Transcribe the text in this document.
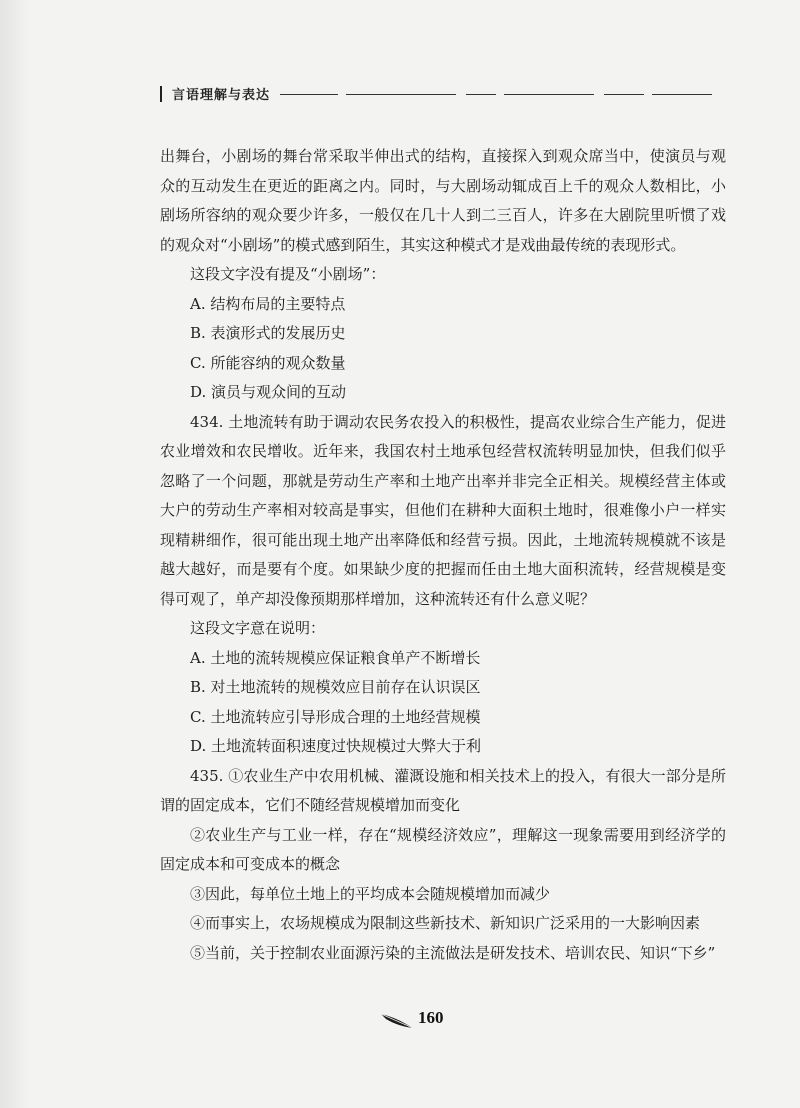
言语理解与表达

出舞台，小剧场的舞台常采取半伸出式的结构，直接探入到观众席当中，使演员与观众的互动发生在更近的距离之内。同时，与大剧场动辄成百上千的观众人数相比，小剧场所容纳的观众要少许多，一般仅在几十人到二三百人，许多在大剧院里听惯了戏的观众对“小剧场”的模式感到陌生，其实这种模式才是戏曲最传统的表现形式。

这段文字没有提及“小剧场”：

A. 结构布局的主要特点

B. 表演形式的发展历史

C. 所能容纳的观众数量

D. 演员与观众间的互动

434. 土地流转有助于调动农民务农投入的积极性，提高农业综合生产能力，促进农业增效和农民增收。近年来，我国农村土地承包经营权流转明显加快，但我们似乎忽略了一个问题，那就是劳动生产率和土地产出率并非完全正相关。规模经营主体或大户的劳动生产率相对较高是事实，但他们在耕种大面积土地时，很难像小户一样实现精耕细作，很可能出现土地产出率降低和经营亏损。因此，土地流转规模就不该是越大越好，而是要有个度。如果缺少度的把握而任由土地大面积流转，经营规模是变得可观了，单产却没像预期那样增加，这种流转还有什么意义呢？

这段文字意在说明：

A. 土地的流转规模应保证粮食单产不断增长

B. 对土地流转的规模效应目前存在认识误区

C. 土地流转应引导形成合理的土地经营规模

D. 土地流转面积速度过快规模过大弊大于利

435. ①农业生产中农用机械、灌溉设施和相关技术上的投入，有很大一部分是所谓的固定成本，它们不随经营规模增加而变化

②农业生产与工业一样，存在“规模经济效应”，理解这一现象需要用到经济学的固定成本和可变成本的概念

③因此，每单位土地上的平均成本会随规模增加而减少

④而事实上，农场规模成为限制这些新技术、新知识广泛采用的一大影响因素

⑤当前，关于控制农业面源污染的主流做法是研发技术、培训农民、知识“下乡”

160
